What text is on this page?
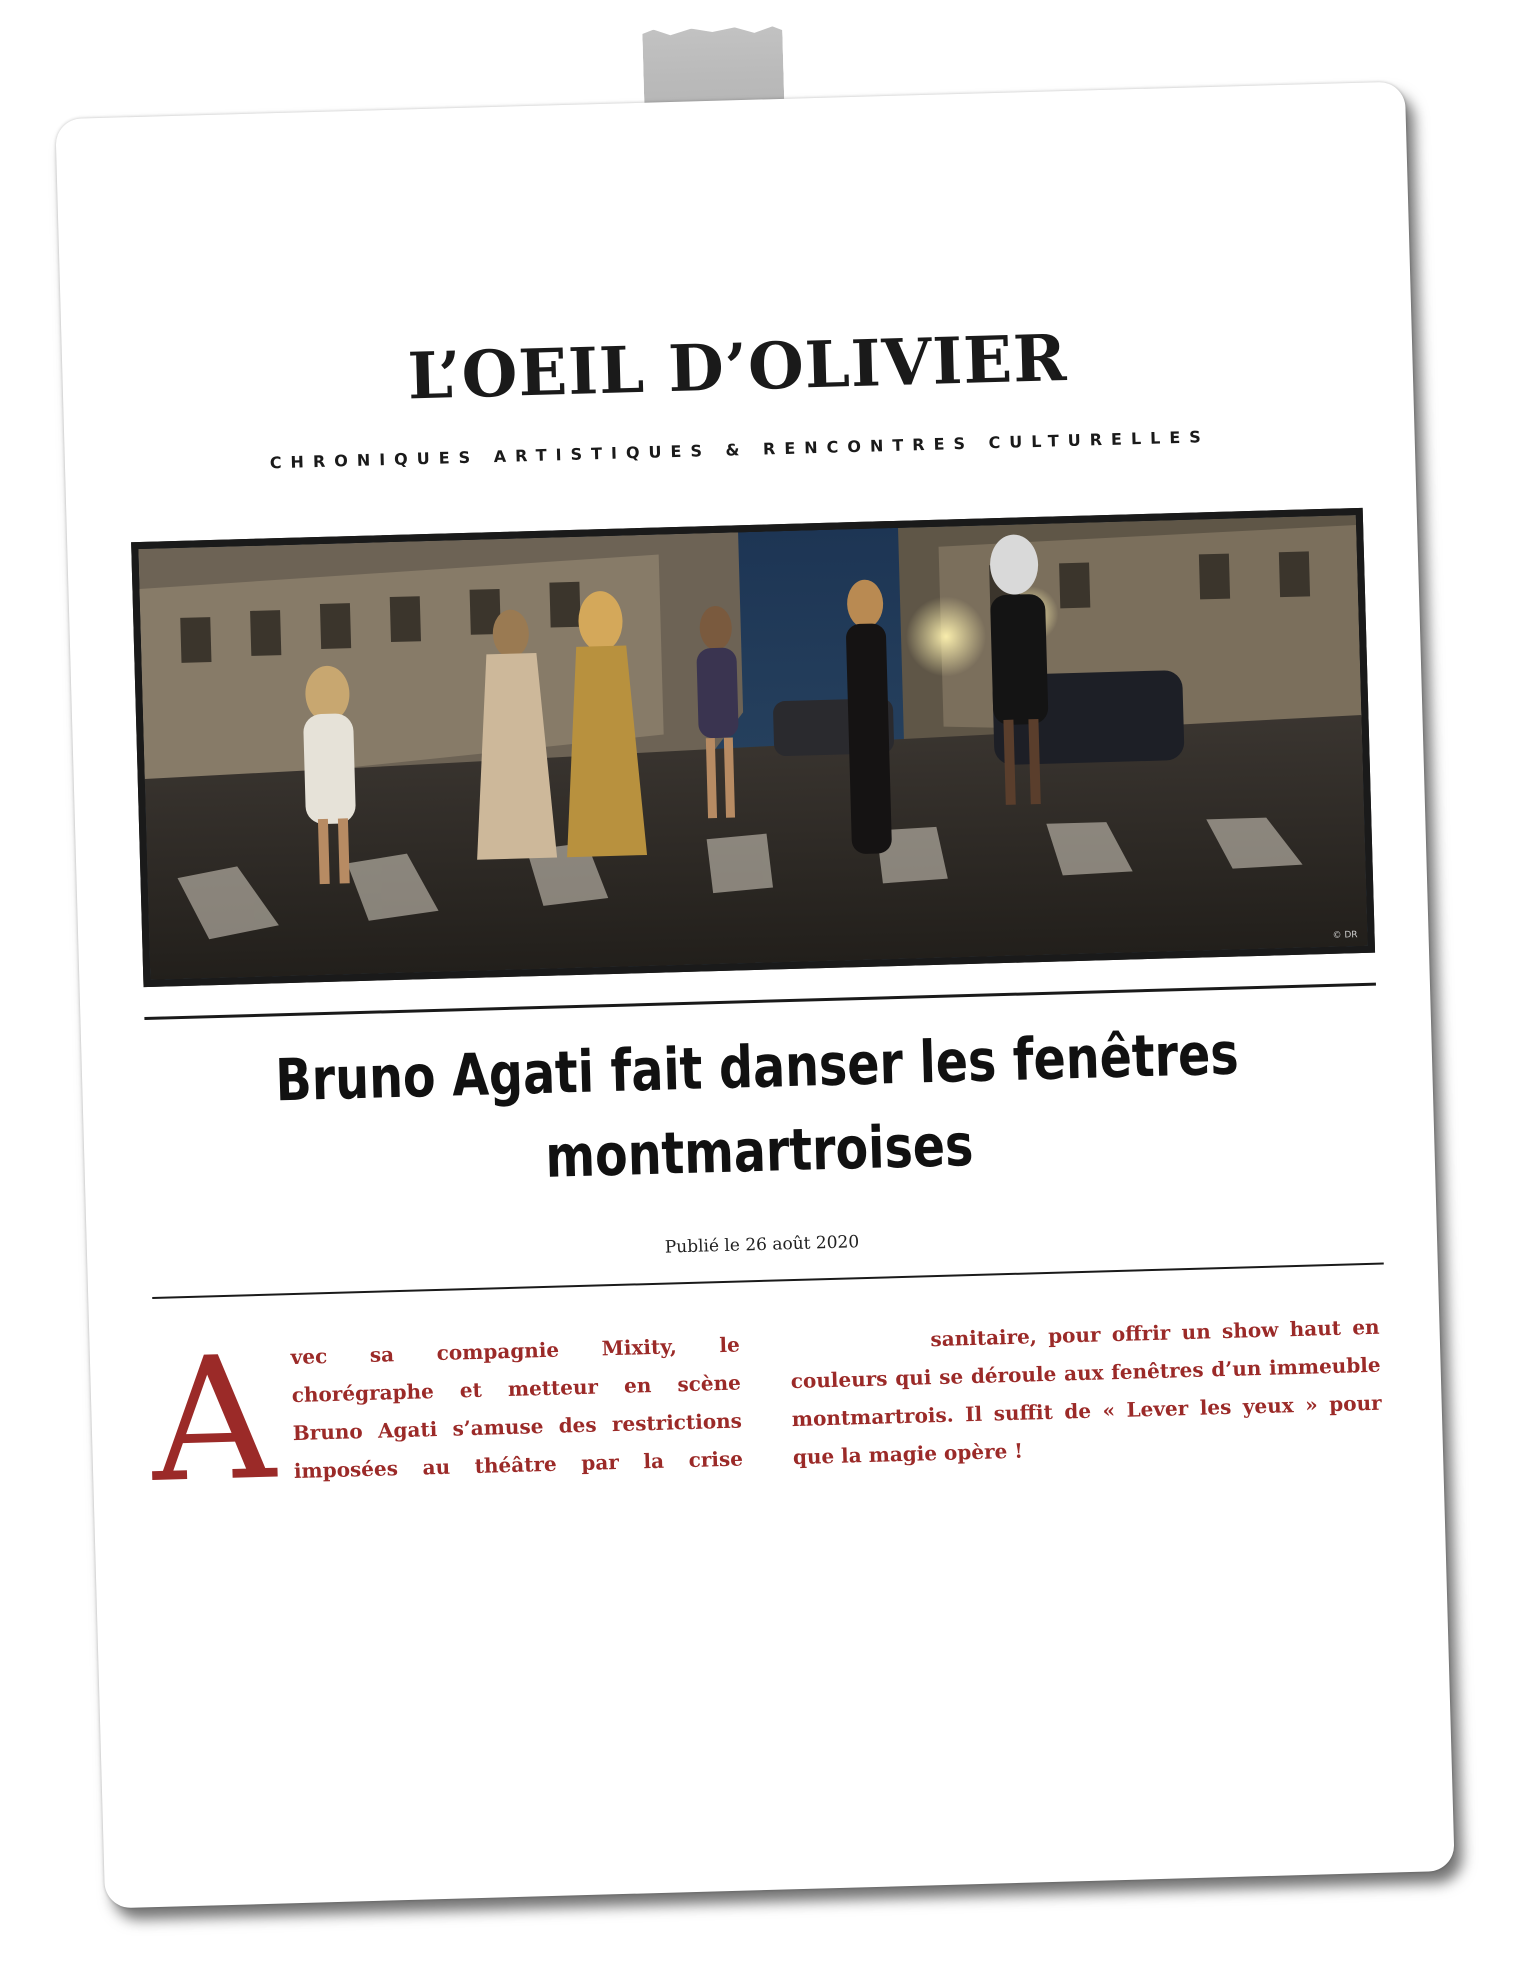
L’OEIL D’OLIVIER
CHRONIQUES ARTISTIQUES & RENCONTRES CULTURELLES
© DR
Bruno Agati fait danser les fenêtres montmartroises
Publié le 26 août 2020
A vec sa compagnie Mixity, le chorégraphe et metteur en scène Bruno Agati s’amuse des restrictions imposées au théâtre par la crise sanitaire, pour offrir un show haut en couleurs qui se déroule aux fenêtres d’un immeuble montmartrois. Il suffit de « Lever les yeux » pour que la magie opère !
